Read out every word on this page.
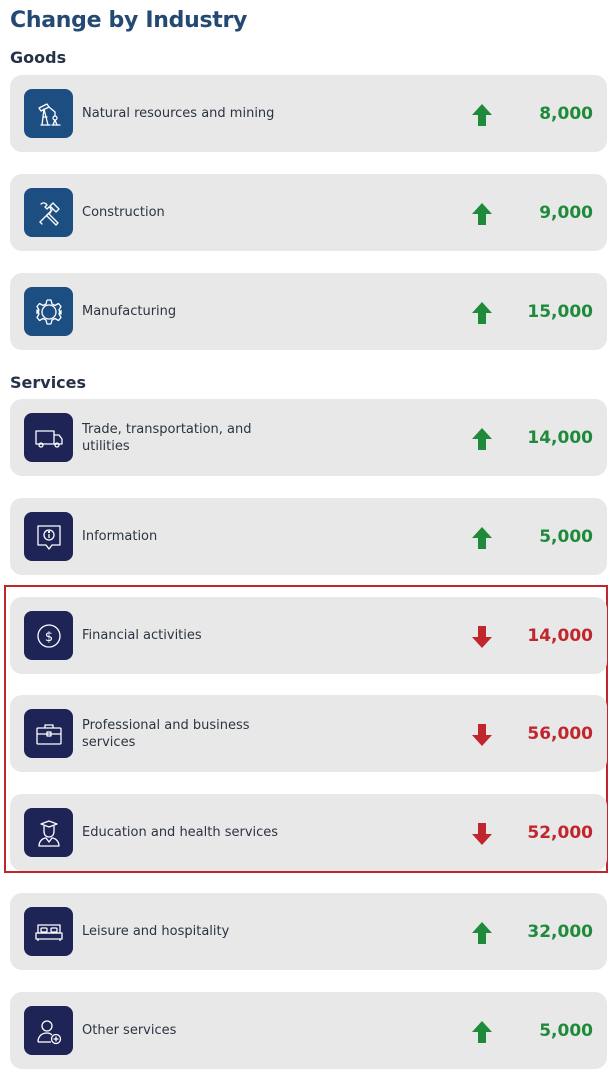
Change by Industry
Goods
Natural resources and mining	8,000
Construction	9,000
Manufacturing	15,000
Services
Trade, transportation, and utilities	14,000
Information	5,000
$ Financial activities	14,000
Professional and business services	56,000
Education and health services	52,000
Leisure and hospitality	32,000
Other services	5,000
